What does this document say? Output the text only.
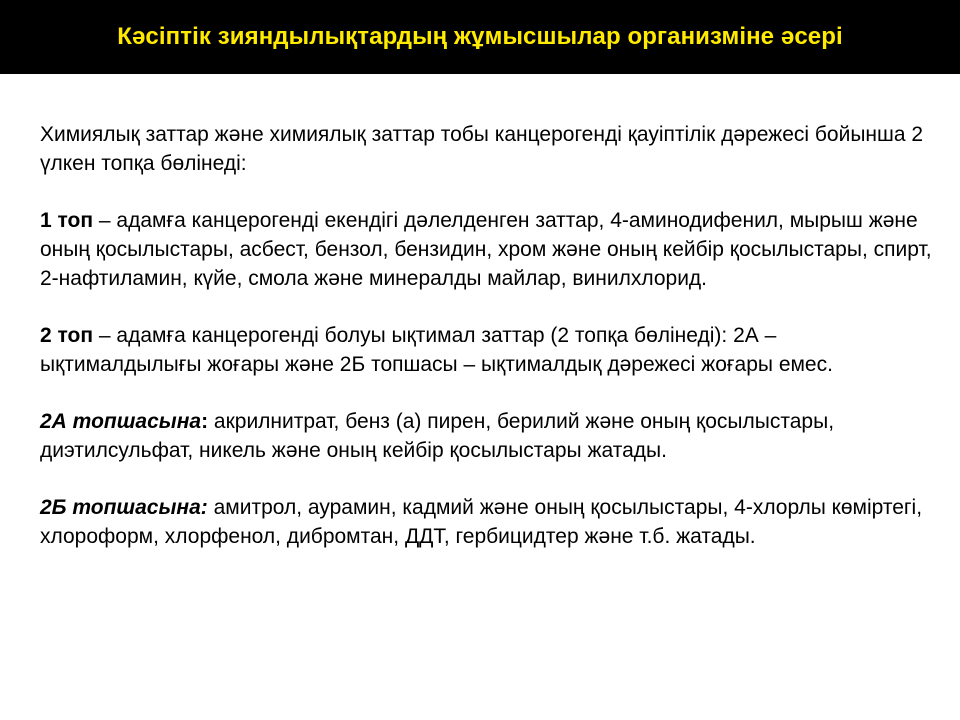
Кәсіптік зияндылықтардың жұмысшылар организміне әсері

Химиялық заттар және химиялық заттар тобы канцерогенді қауіптілік дәрежесі бойынша 2 үлкен топқа бөлінеді:

1 топ – адамға канцерогенді екендігі дәлелденген заттар, 4-аминодифенил, мырыш және оның қосылыстары, асбест, бензол, бензидин, хром және оның кейбір қосылыстары, спирт, 2-нафтиламин, күйе, смола және минералды майлар, винилхлорид.

2 топ – адамға канцерогенді болуы ықтимал заттар (2 топқа бөлінеді): 2А – ықтималдылығы жоғары және 2Б топшасы – ықтималдық дәрежесі жоғары емес.

2А топшасына: акрилнитрат, бенз (а) пирен, берилий және оның қосылыстары, диэтилсульфат, никель және оның кейбір қосылыстары жатады.

2Б топшасына: амитрол, аурамин, кадмий және оның қосылыстары, 4-хлорлы көміртегі, хлороформ, хлорфенол, дибромтан, ДДТ, гербицидтер және т.б. жатады.
